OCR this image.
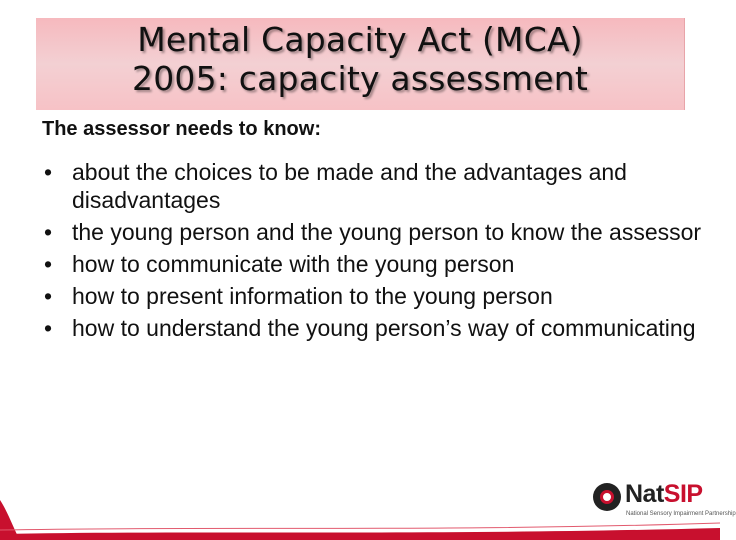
Mental Capacity Act (MCA)
2005: capacity assessment
The assessor needs to know:
• about the choices to be made and the advantages and disadvantages
• the young person and the young person to know the assessor
• how to communicate with the young person
• how to present information to the young person
• how to understand the young person’s way of communicating
NatSIP
National Sensory Impairment Partnership
